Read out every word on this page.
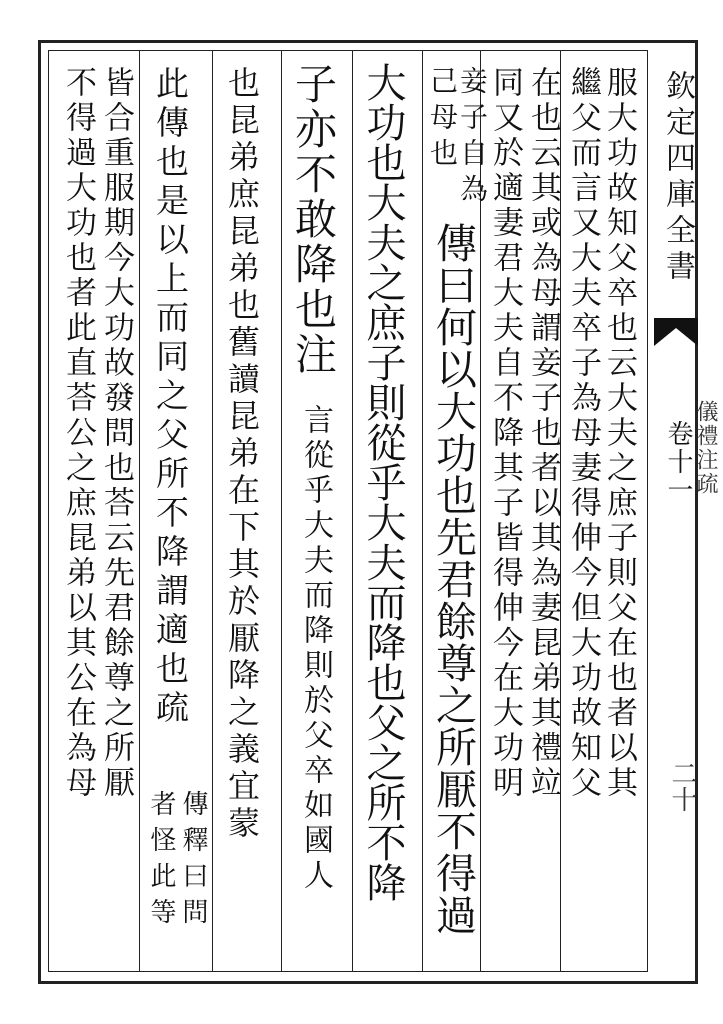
欽定四庫全書
卷十一 儀禮注疏
二十
服大功故知父卒也云大夫之庶子則父在也者以其
繼父而言又大夫卒子為母妻得伸今但大功故知父
在也云其或為母謂妾子也者以其為妻昆弟其禮竝
同又於適妻君大夫自不降其子皆得伸今在大功明
妾子自為
己母也
傳曰何以大功也先君餘尊之所厭不得過
大功也大夫之庶子則從乎大夫而降也父之所不降
子亦不敢降也注
言從乎大夫而降則於父卒如國人
也昆弟庶昆弟也舊讀昆弟在下其於厭降之義宜蒙
此傳也是以上而同之父所不降謂適也疏
傳釋曰問
者怪此等
皆合重服期今大功故發問也荅云先君餘尊之所厭
不得過大功也者此直荅公之庶昆弟以其公在為母
